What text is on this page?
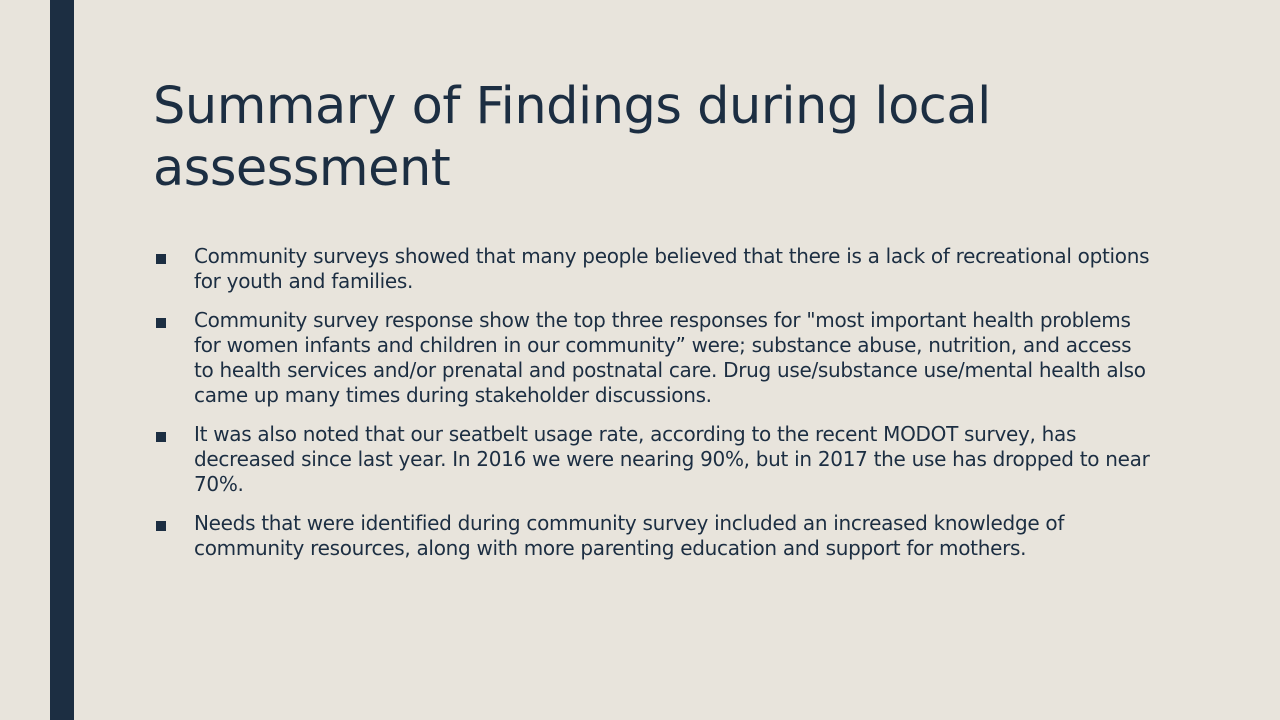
Summary of Findings during local assessment
Community surveys showed that many people believed that there is a lack of recreational options for youth and families.
Community survey response show the top three responses for "most important health problems for women infants and children in our community” were; substance abuse, nutrition, and access to health services and/or prenatal and postnatal care. Drug use/substance use/mental health also came up many times during stakeholder discussions.
It was also noted that our seatbelt usage rate, according to the recent MODOT survey, has decreased since last year. In 2016 we were nearing 90%, but in 2017 the use has dropped to near 70%.
Needs that were identified during community survey included an increased knowledge of community resources, along with more parenting education and support for mothers.
